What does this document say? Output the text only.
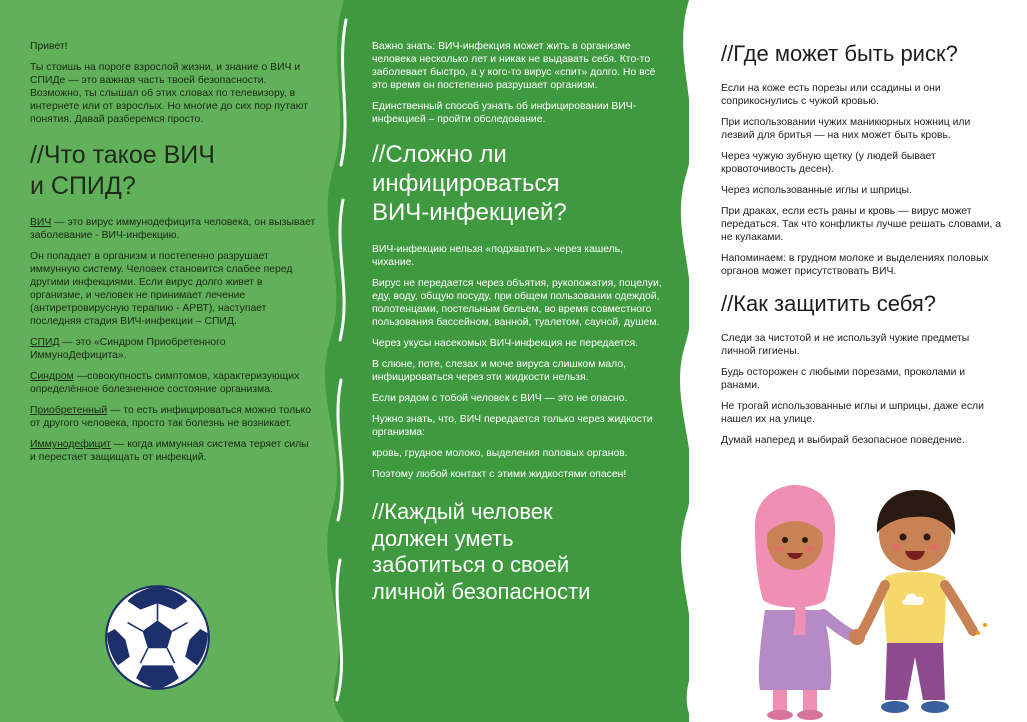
Привет!

Ты стоишь на пороге взрослой жизни, и знание о ВИЧ и СПИДе — это важная часть твоей безопасности. Возможно, ты слышал об этих словах по телевизору, в интернете или от взрослых. Но многие до сих пор путают понятия. Давай разберемся просто.

//Что такое ВИЧ
и СПИД?

ВИЧ — это вирус иммунодефицита человека, он вызывает заболевание - ВИЧ-инфекцию.

Он попадает в организм и постепенно разрушает иммунную систему. Человек становится слабее перед другими инфекциями. Если вирус долго живет в организме, и человек не принимает лечение (антиретровирусную терапию - АРВТ), наступает последняя стадия ВИЧ-инфекции – СПИД.

СПИД — это «Синдром Приобретенного ИммуноДефицита».

Синдром —совокупность симптомов, характеризующих определённое болезненное состояние организма.

Приобретенный — то есть инфицироваться можно только от другого человека, просто так болезнь не возникает.

Иммунодефицит — когда иммунная система теряет силы и перестает защищать от инфекций.

Важно знать: ВИЧ-инфекция может жить в организме человека несколько лет и никак не выдавать себя. Кто-то заболевает быстро, а у кого-то вирус «спит» долго. Но всё это время он постепенно разрушает организм.

Единственный способ узнать об инфицировании ВИЧ-инфекцией – пройти обследование.

//Сложно ли
инфицироваться
ВИЧ-инфекцией?

ВИЧ-инфекцию нельзя «подхватить» через кашель, чихание.

Вирус не передается через объятия, рукопожатия, поцелуи, еду, воду, общую посуду, при общем пользовании одеждой, полотенцами, постельным бельем, во время совместного пользования бассейном, ванной, туалетом, сауной, душем.

Через укусы насекомых ВИЧ-инфекция не передается.

В слюне, поте, слезах и моче вируса слишком мало, инфицироваться через эти жидкости нельзя.

Если рядом с тобой человек с ВИЧ — это не опасно.

Нужно знать, что, ВИЧ передается только через жидкости организма:

кровь, грудное молоко, выделения половых органов.

Поэтому любой контакт с этими жидкостями опасен!

//Каждый человек
должен уметь
заботиться о своей
личной безопасности
//Где может быть риск?

Если на коже есть порезы или ссадины и они соприкоснулись с чужой кровью.

При использовании чужих маникюрных ножниц или лезвий для бритья — на них может быть кровь.

Через чужую зубную щетку (у людей бывает кровоточивость десен).

Через использованные иглы и шприцы.

При драках, если есть раны и кровь — вирус может передаться. Так что конфликты лучше решать словами, а не кулаками.

Напоминаем: в грудном молоке и выделениях половых органов может присутствовать ВИЧ.

//Как защитить себя?

Следи за чистотой и не используй чужие предметы личной гигиены.

Будь осторожен с любыми порезами, проколами и ранами.

Не трогай использованные иглы и шприцы, даже если нашел их на улице.

Думай наперед и выбирай безопасное поведение.
